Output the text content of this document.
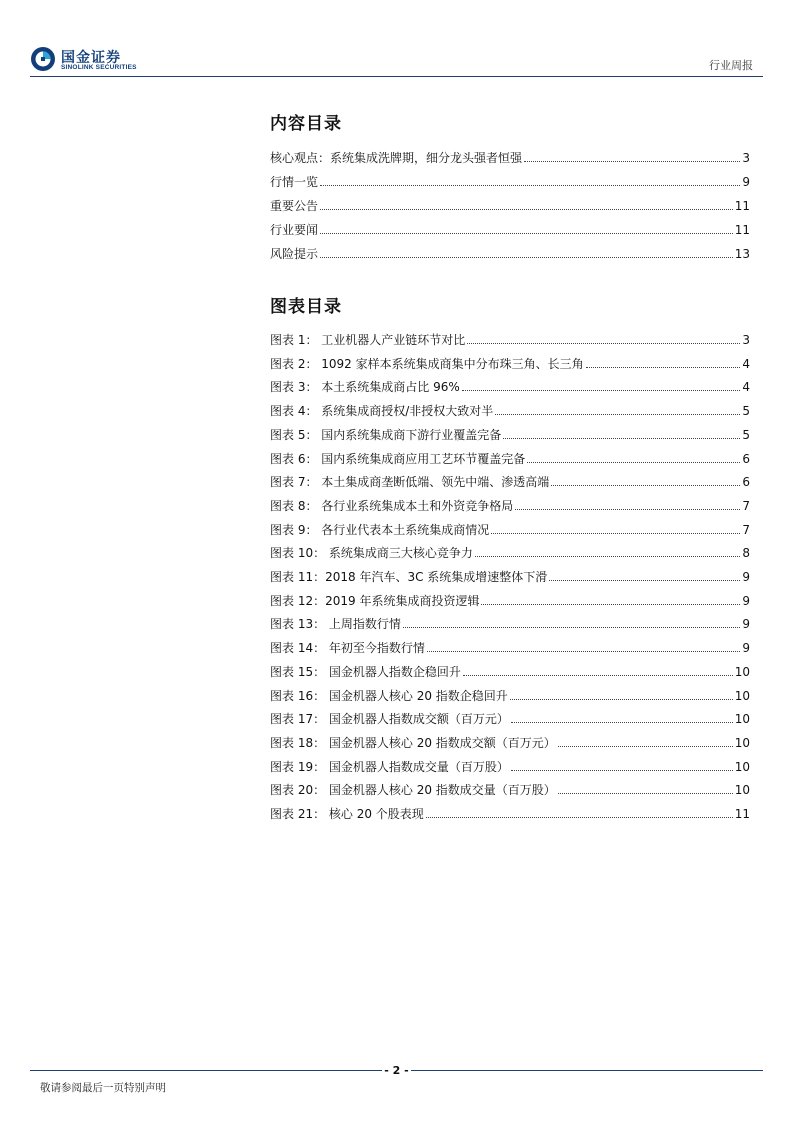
国金证券
SINOLINK SECURITIES	行业周报
内容目录
核心观点：系统集成洗牌期，细分龙头强者恒强	3
行情一览	9
重要公告	11
行业要闻	11
风险提示	13
图表目录
图表 1： 工业机器人产业链环节对比	3
图表 2： 1092 家样本系统集成商集中分布珠三角、长三角	4
图表 3： 本土系统集成商占比 96%	4
图表 4： 系统集成商授权/非授权大致对半	5
图表 5： 国内系统集成商下游行业覆盖完备	5
图表 6： 国内系统集成商应用工艺环节覆盖完备	6
图表 7： 本土集成商垄断低端、领先中端、渗透高端	6
图表 8： 各行业系统集成本土和外资竞争格局	7
图表 9： 各行业代表本土系统集成商情况	7
图表 10： 系统集成商三大核心竞争力	8
图表 11：2018 年汽车、3C 系统集成增速整体下滑	9
图表 12：2019 年系统集成商投资逻辑	9
图表 13： 上周指数行情	9
图表 14： 年初至今指数行情	9
图表 15： 国金机器人指数企稳回升	10
图表 16： 国金机器人核心 20 指数企稳回升	10
图表 17： 国金机器人指数成交额（百万元）	10
图表 18： 国金机器人核心 20 指数成交额（百万元）	10
图表 19： 国金机器人指数成交量（百万股）	10
图表 20： 国金机器人核心 20 指数成交量（百万股）	10
图表 21： 核心 20 个股表现	11
- 2 -
敬请参阅最后一页特别声明
